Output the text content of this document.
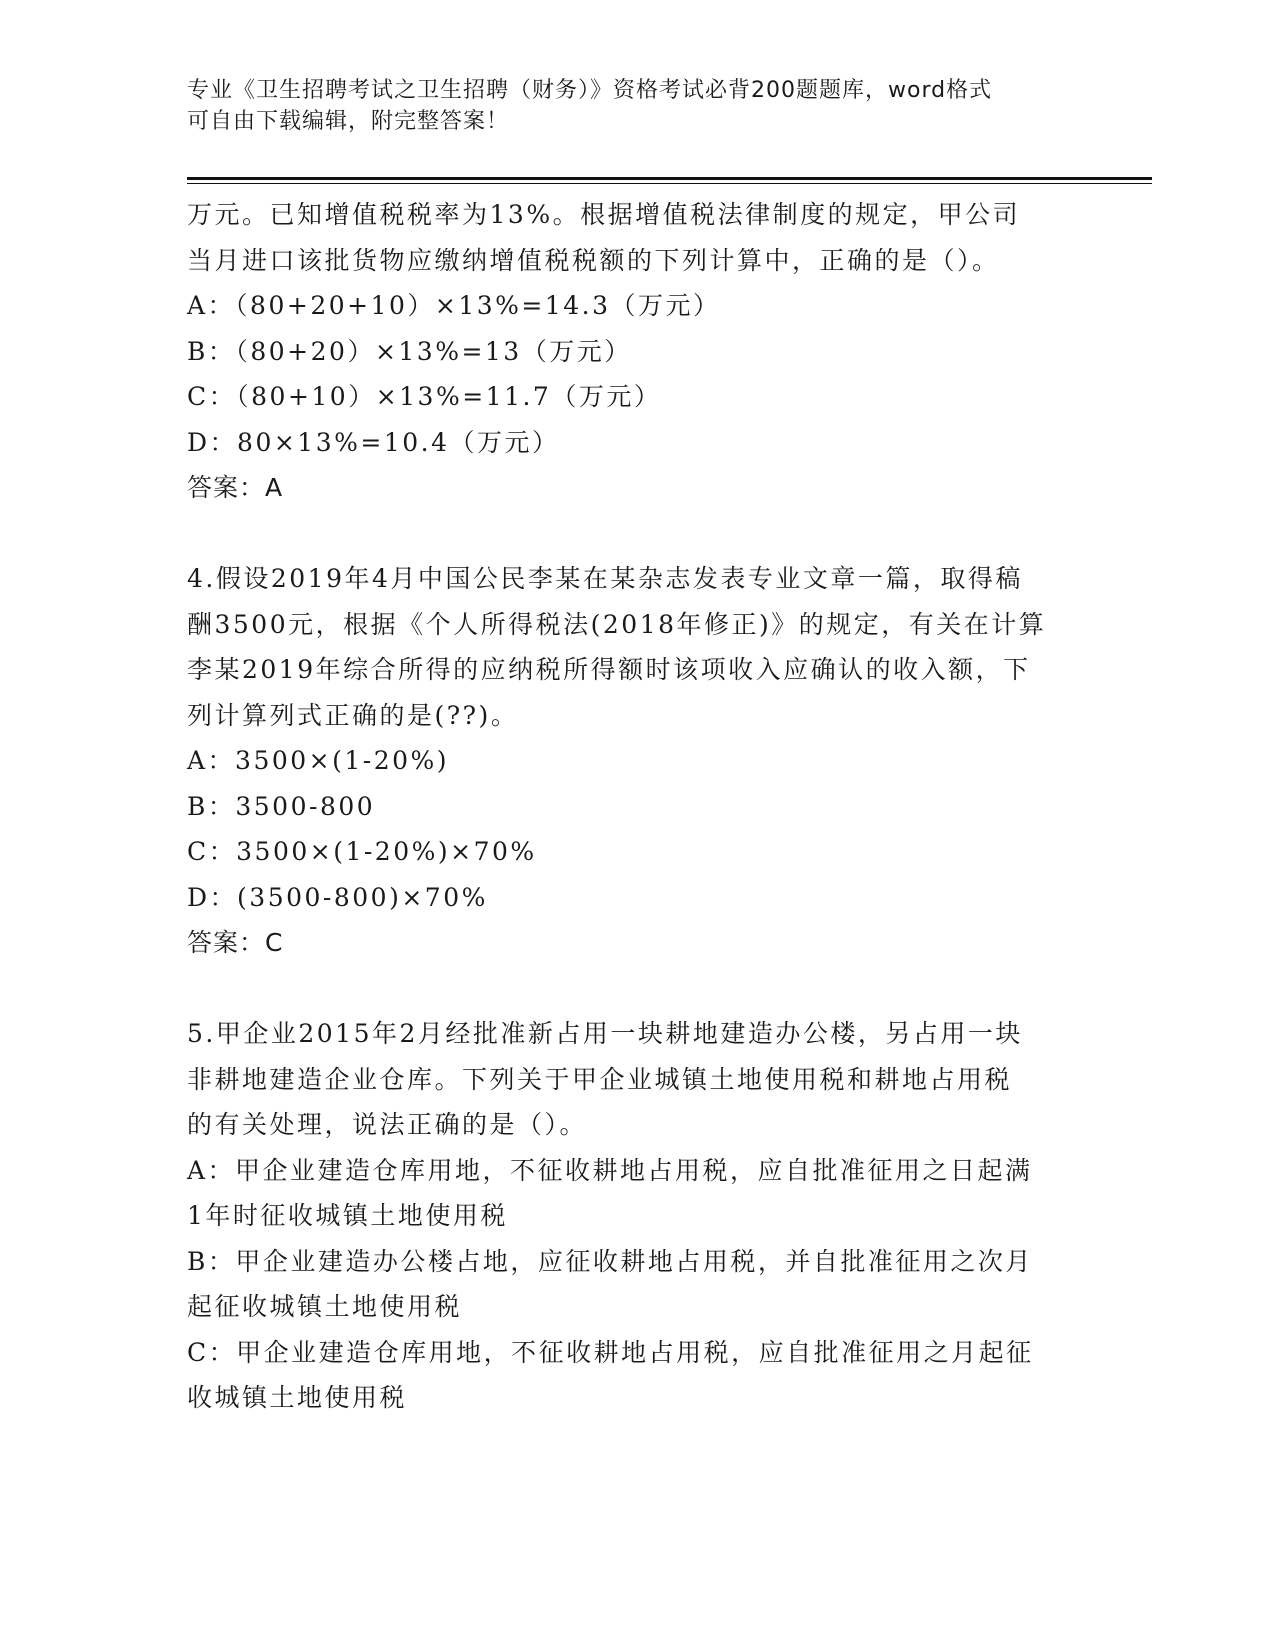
专业《卫生招聘考试之卫生招聘（财务）》资格考试必背200题题库，word格式
可自由下载编辑，附完整答案！
万元。已知增值税税率为13%。根据增值税法律制度的规定，甲公司
当月进口该批货物应缴纳增值税税额的下列计算中，正确的是（）。
A：（80+20+10）×13%=14.3（万元）
B：（80+20）×13%=13（万元）
C：（80+10）×13%=11.7（万元）
D：80×13%=10.4（万元）
答案：A
4.假设2019年4月中国公民李某在某杂志发表专业文章一篇，取得稿
酬3500元，根据《个人所得税法(2018年修正)》的规定，有关在计算
李某2019年综合所得的应纳税所得额时该项收入应确认的收入额，下
列计算列式正确的是(??)。
A：3500×(1-20%)
B：3500-800
C：3500×(1-20%)×70%
D：(3500-800)×70%
答案：C
5.甲企业2015年2月经批准新占用一块耕地建造办公楼，另占用一块
非耕地建造企业仓库。下列关于甲企业城镇土地使用税和耕地占用税
的有关处理，说法正确的是（）。
A：甲企业建造仓库用地，不征收耕地占用税，应自批准征用之日起满
1年时征收城镇土地使用税
B：甲企业建造办公楼占地，应征收耕地占用税，并自批准征用之次月
起征收城镇土地使用税
C：甲企业建造仓库用地，不征收耕地占用税，应自批准征用之月起征
收城镇土地使用税
